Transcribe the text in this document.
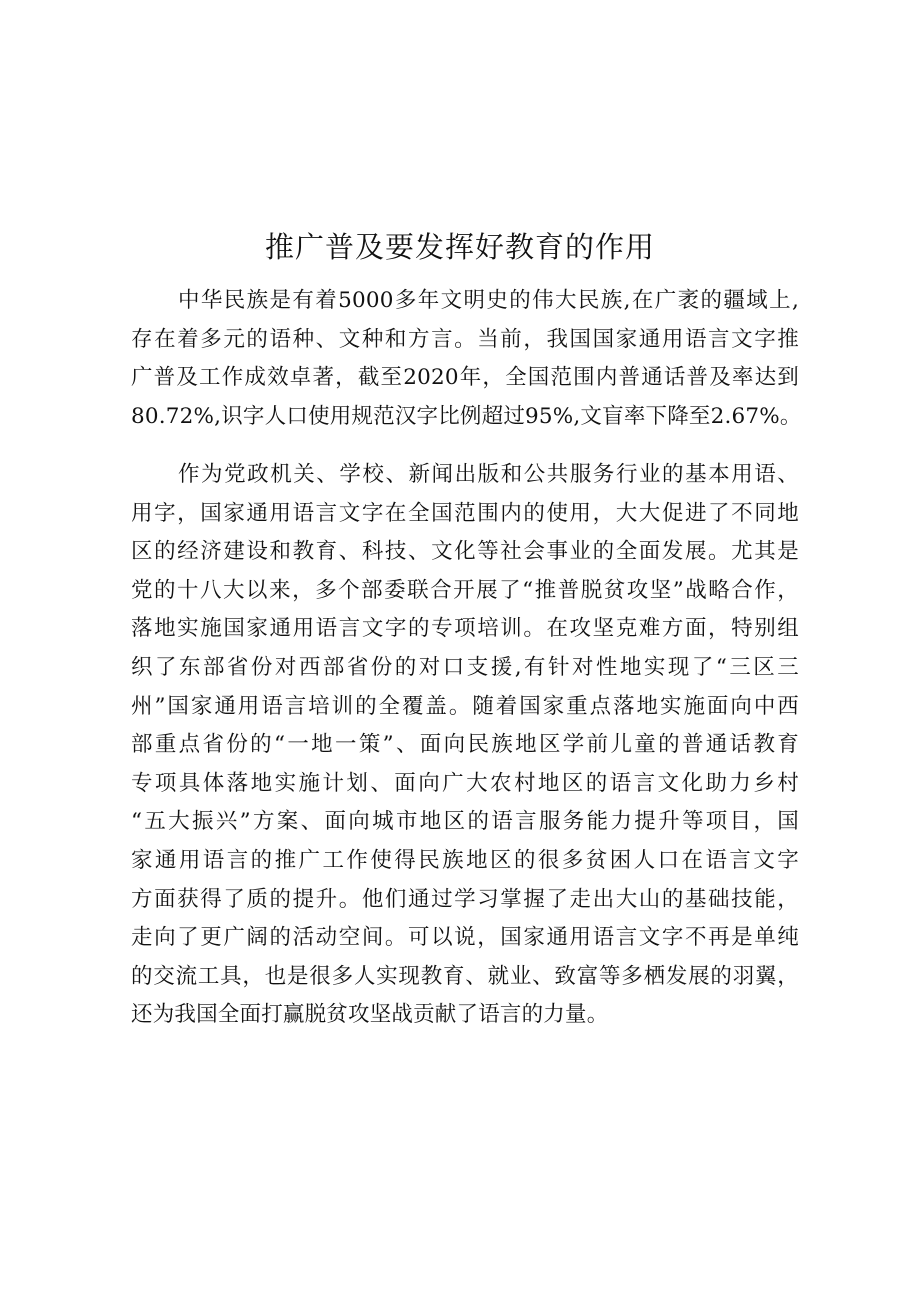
推广普及要发挥好教育的作用
中华民族是有着5000多年文明史的伟大民族,在广袤的疆域上,
存在着多元的语种、文种和方言。当前，我国国家通用语言文字推
广普及工作成效卓著，截至2020年，全国范围内普通话普及率达到
80.72%,识字人口使用规范汉字比例超过95%,文盲率下降至2.67%。
作为党政机关、学校、新闻出版和公共服务行业的基本用语、
用字，国家通用语言文字在全国范围内的使用，大大促进了不同地
区的经济建设和教育、科技、文化等社会事业的全面发展。尤其是
党的十八大以来，多个部委联合开展了“推普脱贫攻坚”战略合作，
落地实施国家通用语言文字的专项培训。在攻坚克难方面，特别组
织了东部省份对西部省份的对口支援,有针对性地实现了“三区三
州”国家通用语言培训的全覆盖。随着国家重点落地实施面向中西
部重点省份的“一地一策”、面向民族地区学前儿童的普通话教育
专项具体落地实施计划、面向广大农村地区的语言文化助力乡村
“五大振兴”方案、面向城市地区的语言服务能力提升等项目，国
家通用语言的推广工作使得民族地区的很多贫困人口在语言文字
方面获得了质的提升。他们通过学习掌握了走出大山的基础技能，
走向了更广阔的活动空间。可以说，国家通用语言文字不再是单纯
的交流工具，也是很多人实现教育、就业、致富等多栖发展的羽翼，
还为我国全面打赢脱贫攻坚战贡献了语言的力量。
